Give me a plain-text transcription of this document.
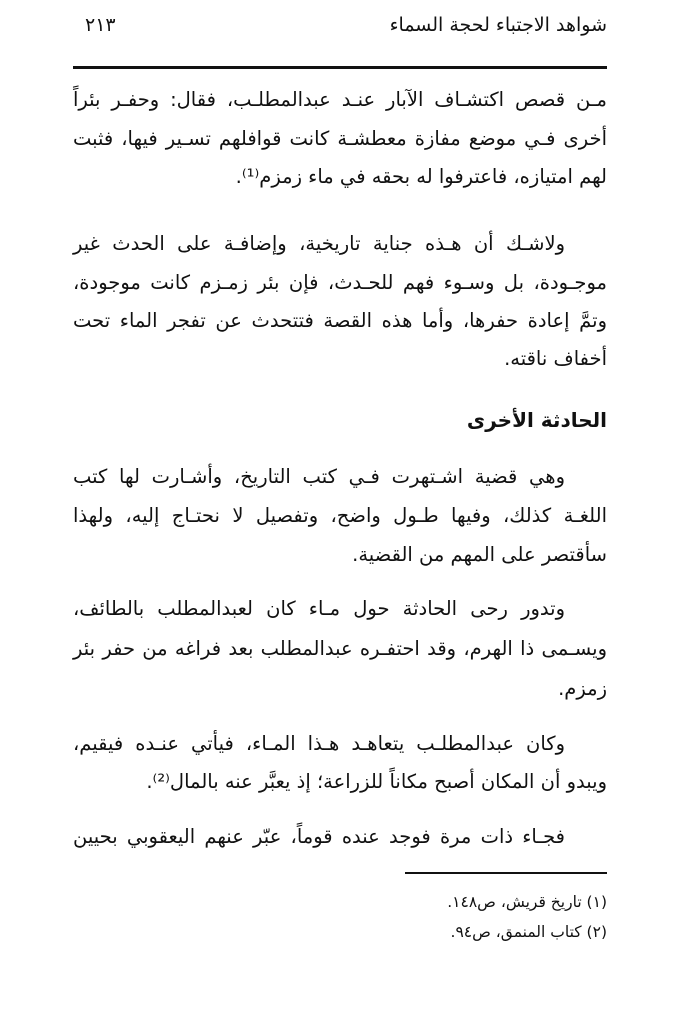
شواهد الاجتباء لحجة السماء
٢١٣
مـن قصص اكتشـاف الآبار عنـد عبدالمطلـب، فقال: وحفـر بئراً
أخرى فـي موضع مفازة معطشـة كانت قوافلهم تسـير فيها، فثبت
لهم امتيازه، فاعترفوا له بحقه في ماء زمزم⁽¹⁾.
ولاشـك أن هـذه جناية تاريخية، وإضافـة على الحدث غير
موجـودة، بل وسـوء فهم للحـدث، فإن بئر زمـزم كانت موجودة،
وتمَّ إعادة حفرها، وأما هذه القصة فتتحدث عن تفجر الماء تحت
أخفاف ناقته.
الحادثة الأخرى
وهي قضية اشـتهرت فـي كتب التاريخ، وأشـارت لها كتب
اللغـة كذلك، وفيها طـول واضح، وتفصيل لا نحتـاج إليه، ولهذا
سأقتصر على المهم من القضية.
وتدور رحى الحادثة حول مـاء كان لعبدالمطلب بالطائف،
ويسـمى ذا الهرم، وقد احتفـره عبدالمطلب بعد فراغه من حفر بئر
زمزم.
وكان عبدالمطلـب يتعاهـد هـذا المـاء، فيأتي عنـده فيقيم،
ويبدو أن المكان أصبح مكاناً للزراعة؛ إذ يعبَّر عنه بالمال⁽²⁾.
فجـاء ذات مرة فوجد عنده قوماً، عبّر عنهم اليعقوبي بحيين
(١) تاريخ قريش، ص١٤٨.
(٢) كتاب المنمق، ص٩٤.
